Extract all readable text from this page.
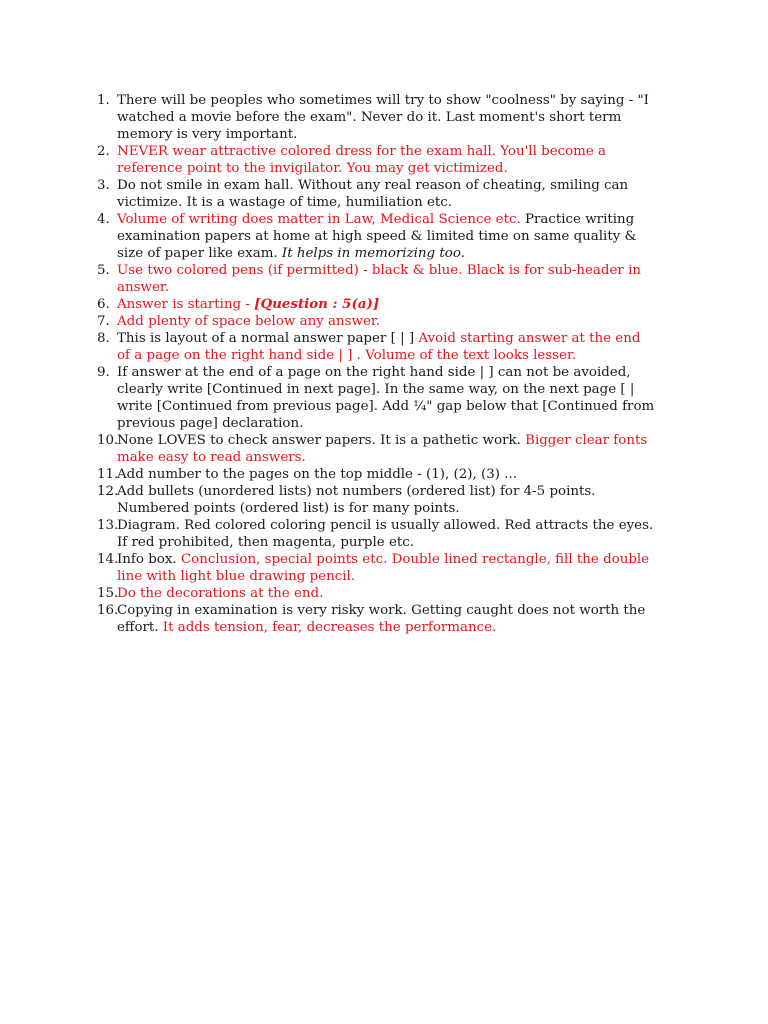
1. There will be peoples who sometimes will try to show "coolness" by saying - "I watched a movie before the exam". Never do it. Last moment's short term memory is very important.
2. NEVER wear attractive colored dress for the exam hall. You'll become a reference point to the invigilator. You may get victimized.
3. Do not smile in exam hall. Without any real reason of cheating, smiling can victimize. It is a wastage of time, humiliation etc.
4. Volume of writing does matter in Law, Medical Science etc. Practice writing examination papers at home at high speed & limited time on same quality & size of paper like exam. It helps in memorizing too.
5. Use two colored pens (if permitted) - black & blue. Black is for sub-header in answer.
6. Answer is starting - [Question : 5(a)]
7. Add plenty of space below any answer.
8. This is layout of a normal answer paper [ | ] Avoid starting answer at the end of a page on the right hand side | ] . Volume of the text looks lesser.
9. If answer at the end of a page on the right hand side | ] can not be avoided, clearly write [Continued in next page]. In the same way, on the next page [ | write [Continued from previous page]. Add ¼" gap below that [Continued from previous page] declaration.
10.
None LOVES to check answer papers. It is a pathetic work. Bigger clear fonts make easy to read answers.
11.
Add number to the pages on the top middle - (1), (2), (3) ...
12.
Add bullets (unordered lists) not numbers (ordered list) for 4-5 points. Numbered points (ordered list) is for many points.
13.
Diagram. Red colored coloring pencil is usually allowed. Red attracts the eyes. If red prohibited, then magenta, purple etc.
14.
Info box. Conclusion, special points etc. Double lined rectangle, fill the double line with light blue drawing pencil.
15.
Do the decorations at the end.
16.
Copying in examination is very risky work. Getting caught does not worth the effort. It adds tension, fear, decreases the performance.
